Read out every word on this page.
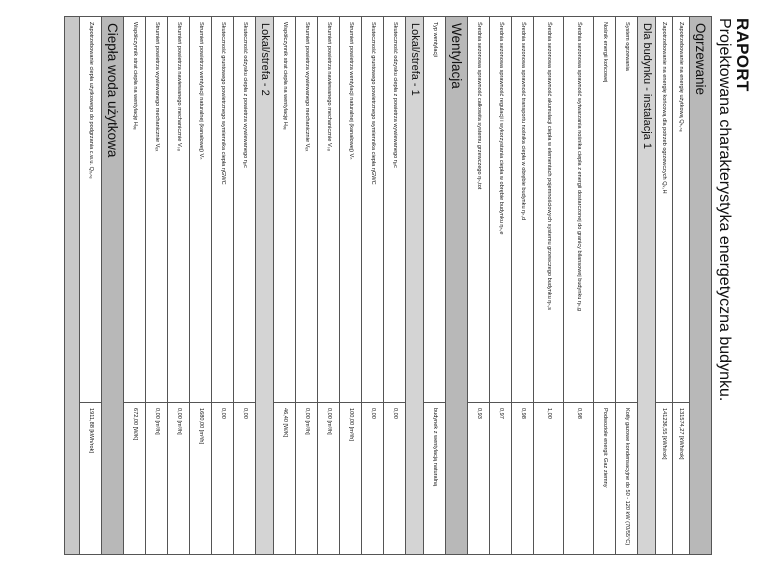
RAPORT
Projektowana charakterystyka energetyczna budynku.
Ogrzewanie	
Zapotrzebowanie na energię użytkową Qₕ,ₙₑ	131574,27 [kWh/rok]
Zapotrzebowanie na energię końcową dla potrzeb ogrzewczych Qₖ,H	141236,55 [kWh/rok]
Dla budynku - instalacja 1	
System ogrzewania	Kotły gazowe kondensacyjne do 50 - 120 kW (70/55°C)
Nośnik energii końcowej	Podwoziołe energii: Gaz ziemny
Średnia sezonowa sprawność wytwarzania nośnika ciepła z energii dostarczonej do granicy bilansowej budynku ηₕ,g	0,98
Średnia sezonowa sprawność akumulacji ciepła w elementach pojemnościowych systemu grzewczego budynku ηₕ,s	1,00
Średnia sezonowa sprawność transportu nośnika ciepła w obrębie budynku ηₕ,d	0,98
Średnia sezonowa sprawność regulacji i wykorzystania ciepła w obrębie budynku ηₕ,e	0,97
Średnia sezonowa sprawność całkowita systemu grzewczego ηₕ,tot	0,93
Wentylacja	
Typ wentylacji	budynek z wentylacją naturalną
Lokal/strefa - 1	
Skuteczność odzysku ciepła z powietrza wywiewanego ηₒc	0,00
Skuteczność gruntowego powietrznego wymiennika ciepła ηGWC	0,00
Strumień powietrza wentylacji naturalnej (kanałowej) Vₙ	100,00 [m³/h]
Strumień powietrza nawiewanego mechanicznie Vₛᵤ	0,00 [m³/h]
Strumień powietrza wywiewanego mechanicznie Vₑₓ	0,00 [m³/h]
Współczynnik strat ciepła na wentylację Hᵥₑ	46,40 [W/K]
Lokal/strefa - 2	
Skuteczność odzysku ciepła z powietrza wywiewanego ηₒc	0,00
Skuteczność gruntowego powietrznego wymiennika ciepła ηGWC	0,00
Strumień powietrza wentylacji naturalnej (kanałowej) Vₙ	1680,00 [m³/h]
Strumień powietrza nawiewanego mechanicznie Vₛᵤ	0,00 [m³/h]
Strumień powietrza wywiewanego mechanicznie Vₑₓ	0,00 [m³/h]
Współczynnik strat ciepła na wentylację Hᵥₑ	672,00 [W/K]
Ciepła woda użytkowa	
Zapotrzebowanie ciepła użytkowego do podgrzania c.w.u. Qᵥ,ₙₑ	1911,88 [kWh/rok]
